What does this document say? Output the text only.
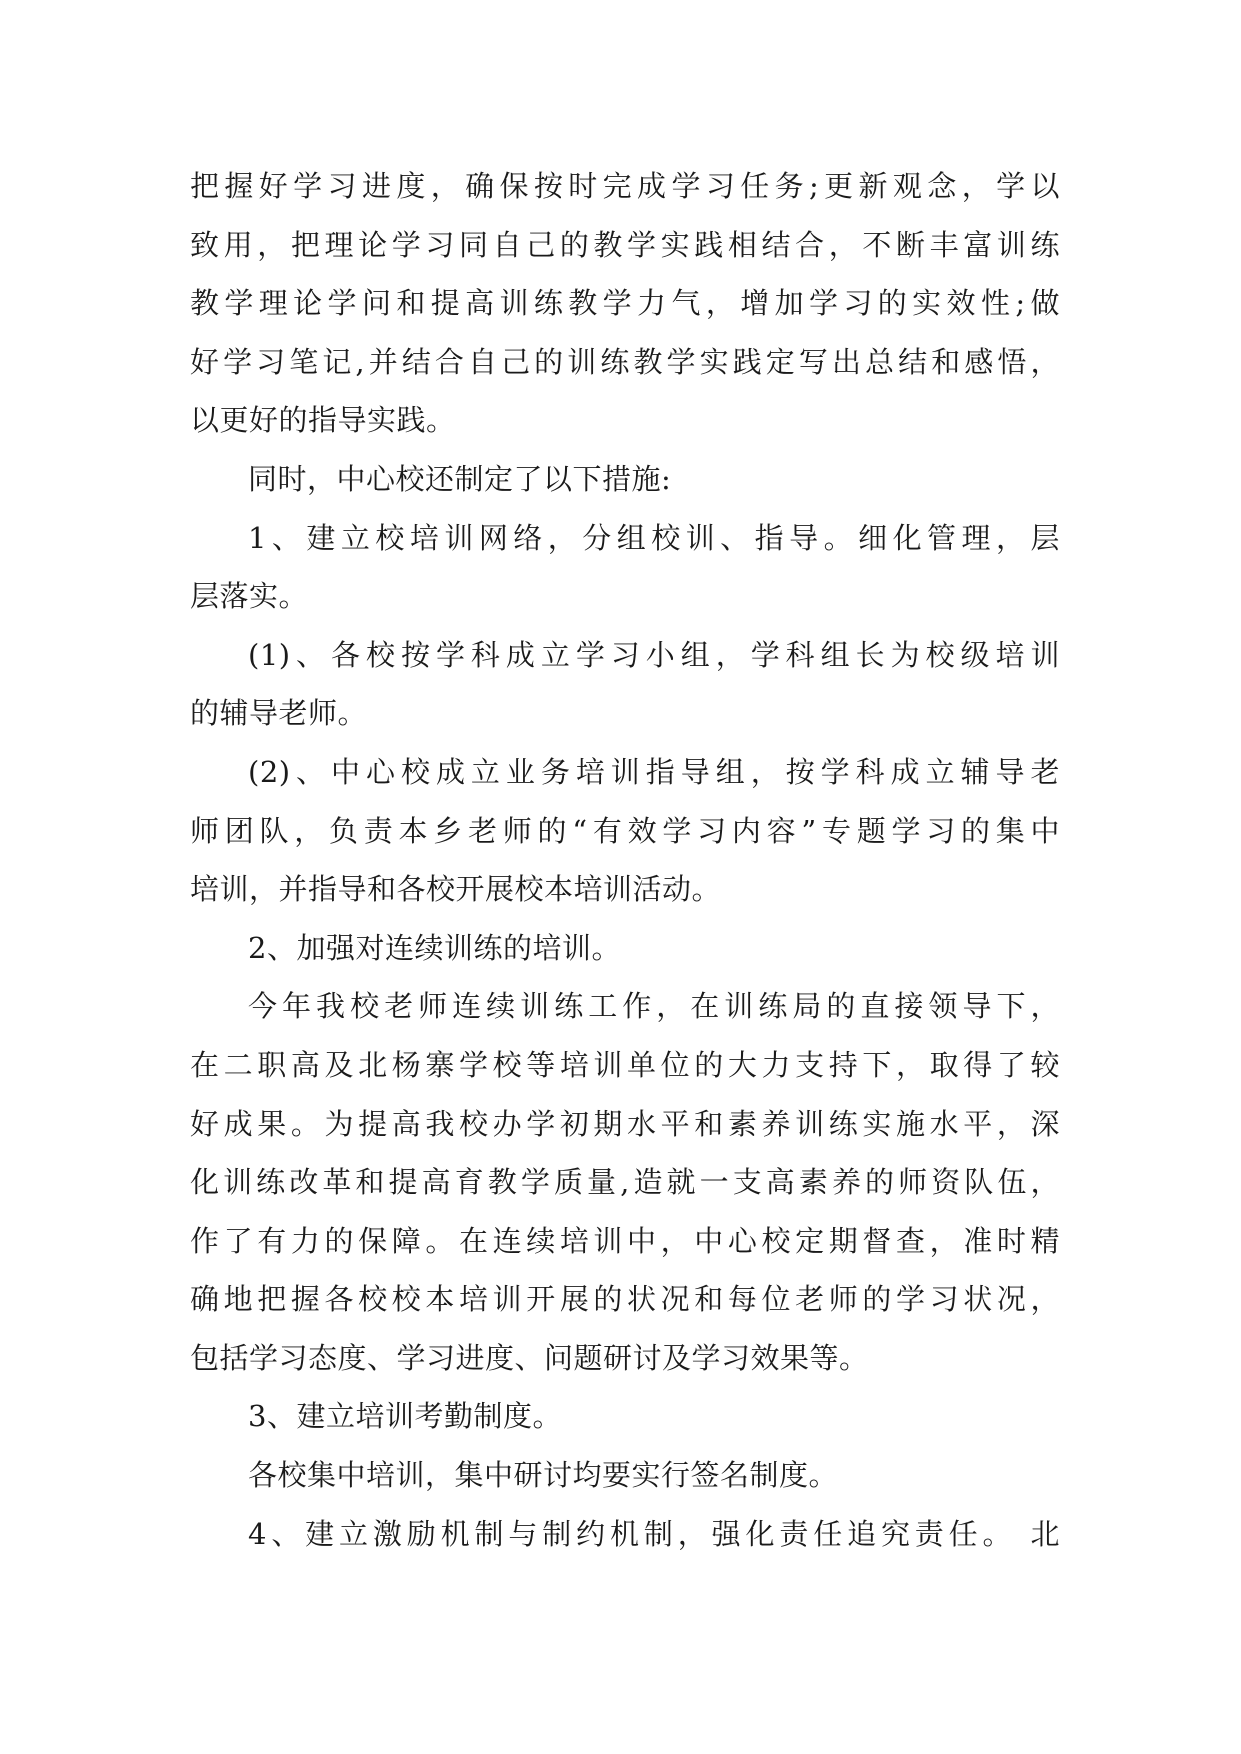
把握好学习进度，确保按时完成学习任务;更新观念，学以
致用，把理论学习同自己的教学实践相结合，不断丰富训练
教学理论学问和提高训练教学力气，增加学习的实效性;做
好学习笔记,并结合自己的训练教学实践定写出总结和感悟，
以更好的指导实践。
同时，中心校还制定了以下措施:
1、建立校培训网络，分组校训、指导。细化管理，层
层落实。
(1)、各校按学科成立学习小组，学科组长为校级培训
的辅导老师。
(2)、中心校成立业务培训指导组，按学科成立辅导老
师团队，负责本乡老师的“有效学习内容”专题学习的集中
培训，并指导和各校开展校本培训活动。
2、加强对连续训练的培训。
今年我校老师连续训练工作，在训练局的直接领导下，
在二职高及北杨寨学校等培训单位的大力支持下，取得了较
好成果。为提高我校办学初期水平和素养训练实施水平，深
化训练改革和提高育教学质量,造就一支高素养的师资队伍，
作了有力的保障。在连续培训中，中心校定期督查，准时精
确地把握各校校本培训开展的状况和每位老师的学习状况，
包括学习态度、学习进度、问题研讨及学习效果等。
3、建立培训考勤制度。
各校集中培训，集中研讨均要实行签名制度。
4、建立激励机制与制约机制，强化责任追究责任。 北
